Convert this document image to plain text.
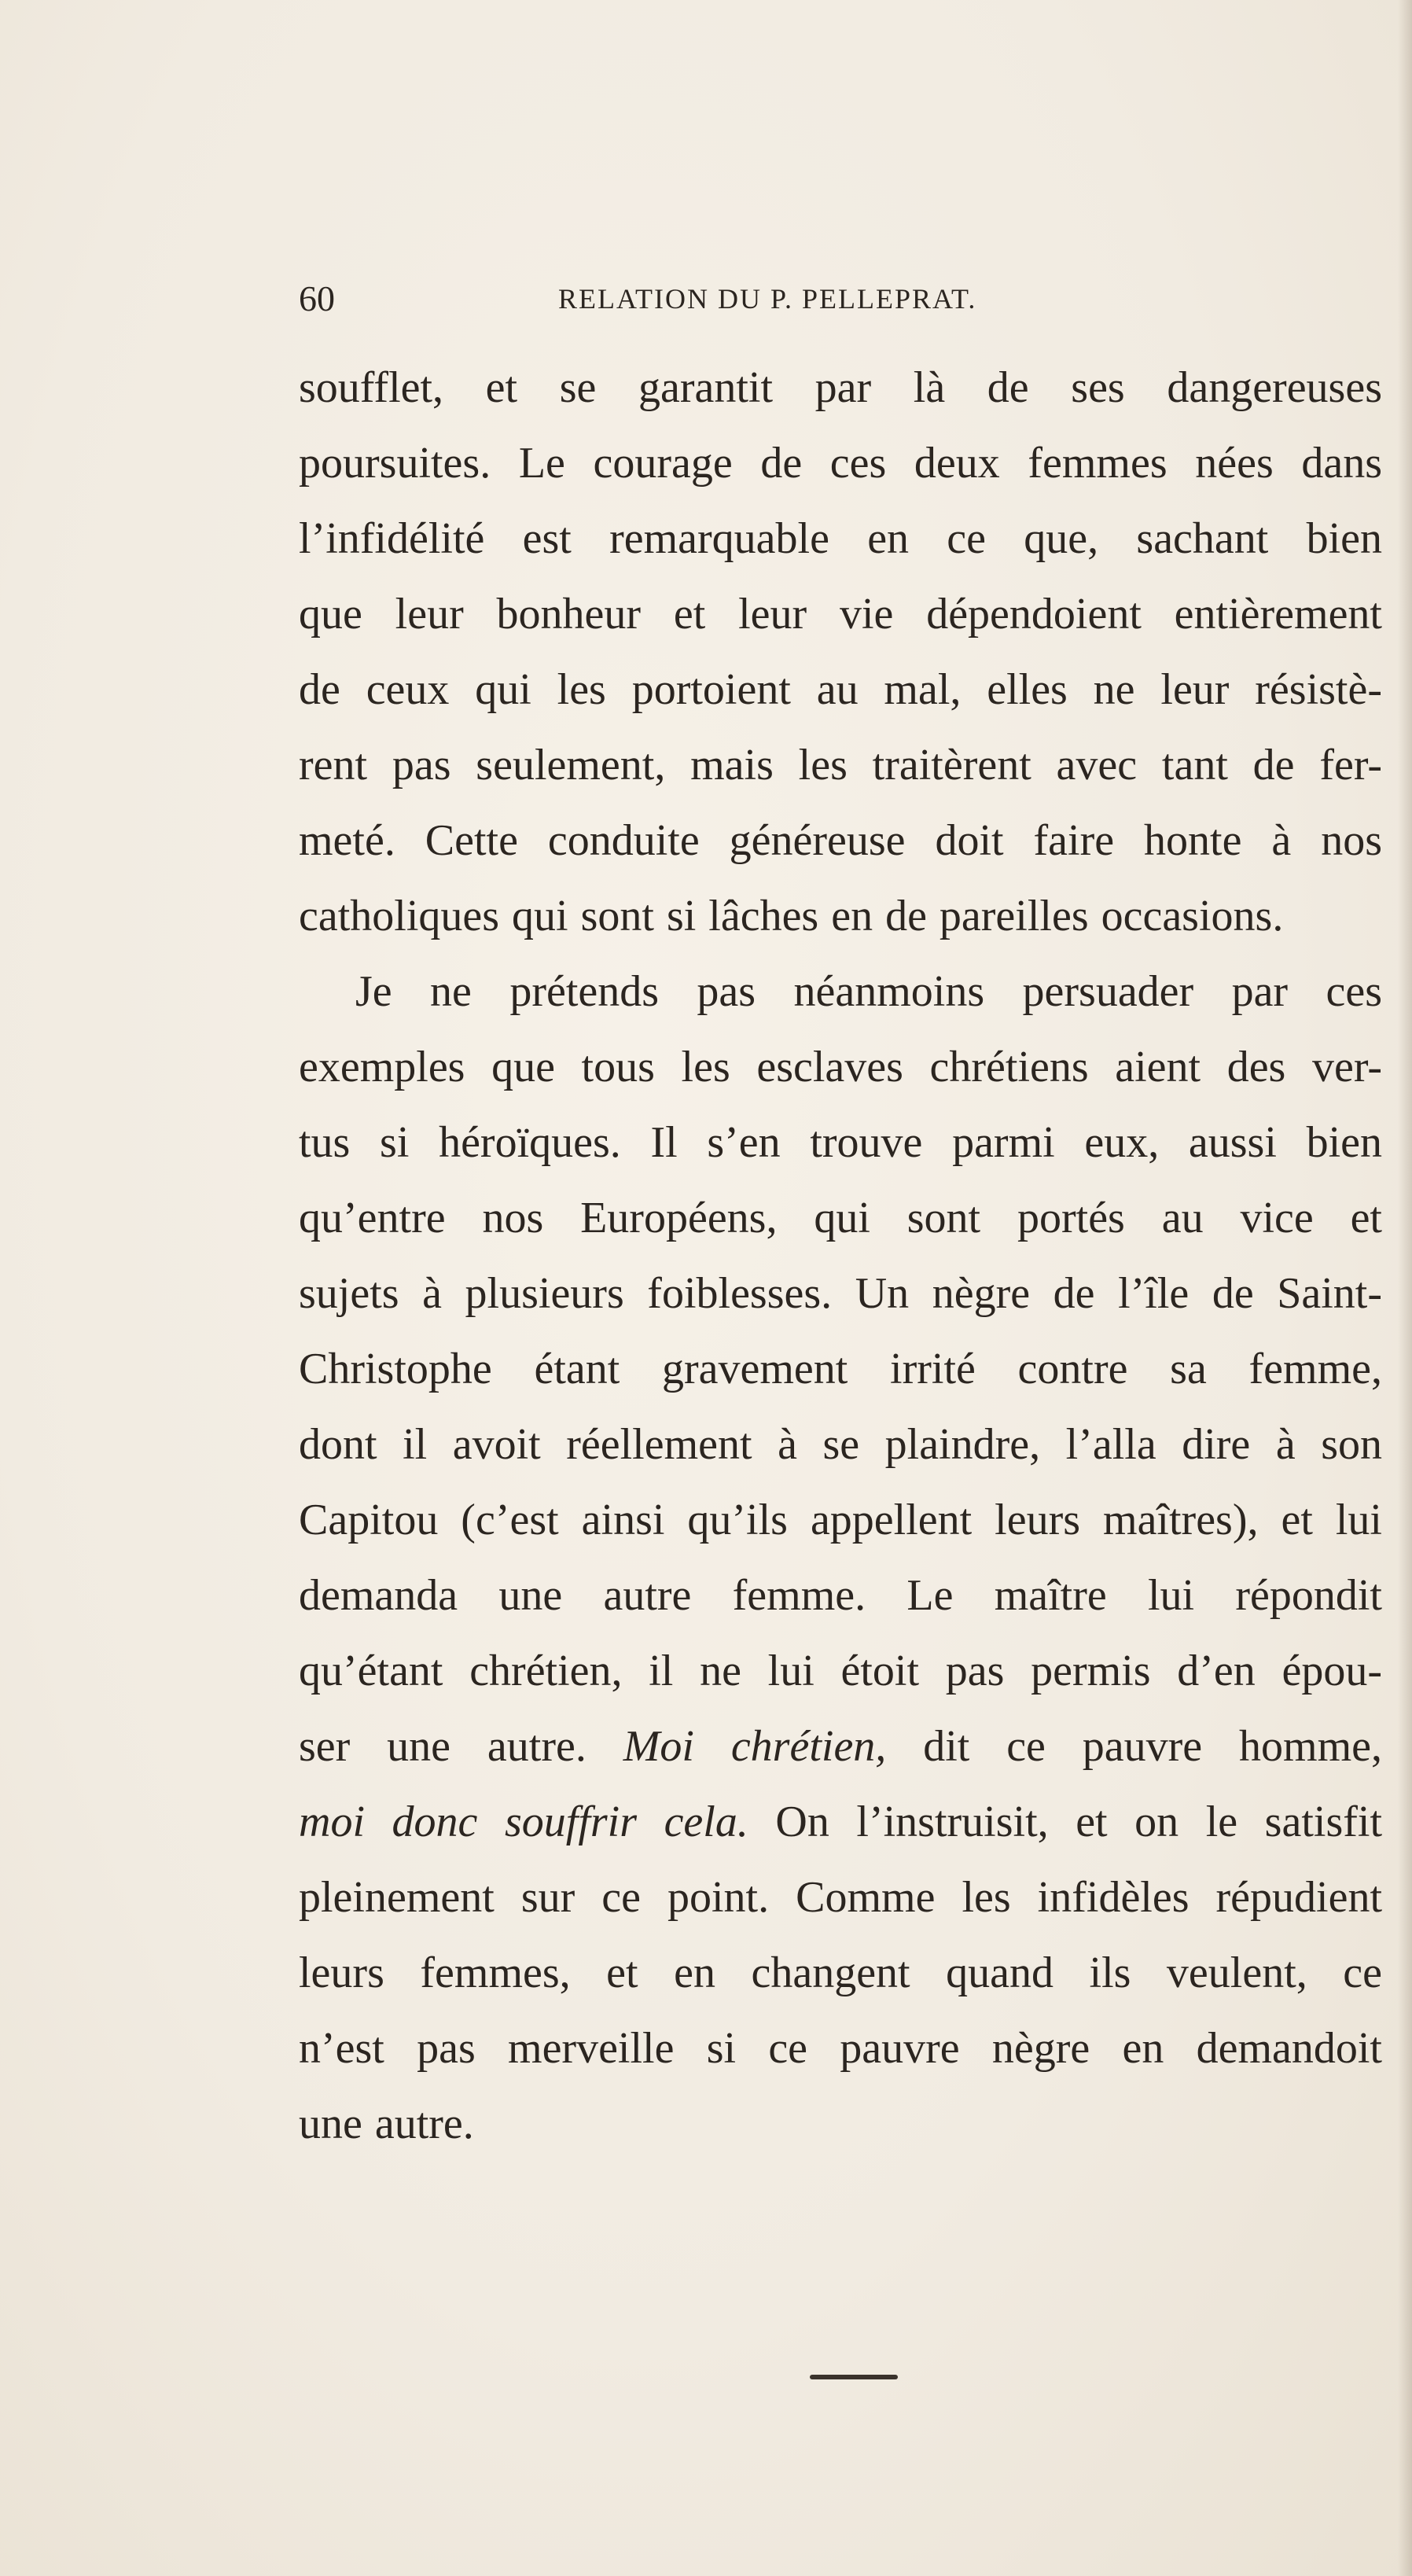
60	RELATION DU P. PELLEPRAT.
soufflet, et se garantit par là de ses dangereuses
poursuites. Le courage de ces deux femmes nées dans
l’infidélité est remarquable en ce que, sachant bien
que leur bonheur et leur vie dépendoient entièrement
de ceux qui les portoient au mal, elles ne leur résistè-
rent pas seulement, mais les traitèrent avec tant de fer-
meté. Cette conduite généreuse doit faire honte à nos
catholiques qui sont si lâches en de pareilles occasions.
Je ne prétends pas néanmoins persuader par ces
exemples que tous les esclaves chrétiens aient des ver-
tus si héroïques. Il s’en trouve parmi eux, aussi bien
qu’entre nos Européens, qui sont portés au vice et
sujets à plusieurs foiblesses. Un nègre de l’île de Saint-
Christophe étant gravement irrité contre sa femme,
dont il avoit réellement à se plaindre, l’alla dire à son
Capitou (c’est ainsi qu’ils appellent leurs maîtres), et lui
demanda une autre femme. Le maître lui répondit
qu’étant chrétien, il ne lui étoit pas permis d’en épou-
ser une autre. Moi chrétien, dit ce pauvre homme,
moi donc souffrir cela. On l’instruisit, et on le satisfit
pleinement sur ce point. Comme les infidèles répudient
leurs femmes, et en changent quand ils veulent, ce
n’est pas merveille si ce pauvre nègre en demandoit
une autre.
